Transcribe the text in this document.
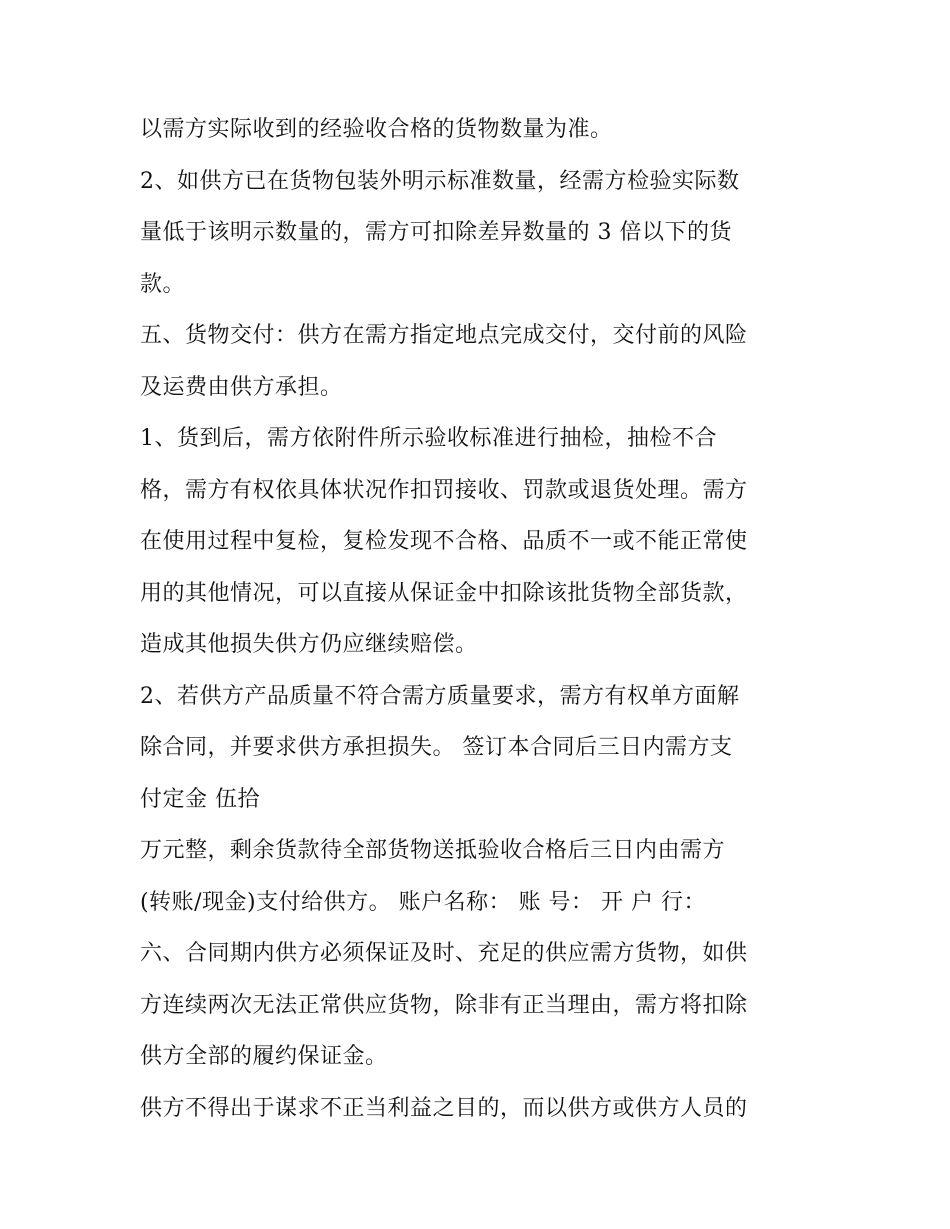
以需方实际收到的经验收合格的货物数量为准。
2、如供方已在货物包装外明示标准数量，经需方检验实际数
量低于该明示数量的，需方可扣除差异数量的 3 倍以下的货
款。
五、货物交付：供方在需方指定地点完成交付，交付前的风险
及运费由供方承担。
1、货到后，需方依附件所示验收标准进行抽检，抽检不合
格，需方有权依具体状况作扣罚接收、罚款或退货处理。需方
在使用过程中复检，复检发现不合格、品质不一或不能正常使
用的其他情况，可以直接从保证金中扣除该批货物全部货款，
造成其他损失供方仍应继续赔偿。
2、若供方产品质量不符合需方质量要求，需方有权单方面解
除合同，并要求供方承担损失。 签订本合同后三日内需方支
付定金 伍拾
万元整，剩余货款待全部货物送抵验收合格后三日内由需方
(转账/现金)支付给供方。 账户名称： 账 号： 开 户 行：
六、合同期内供方必须保证及时、充足的供应需方货物，如供
方连续两次无法正常供应货物，除非有正当理由，需方将扣除
供方全部的履约保证金。
供方不得出于谋求不正当利益之目的，而以供方或供方人员的
